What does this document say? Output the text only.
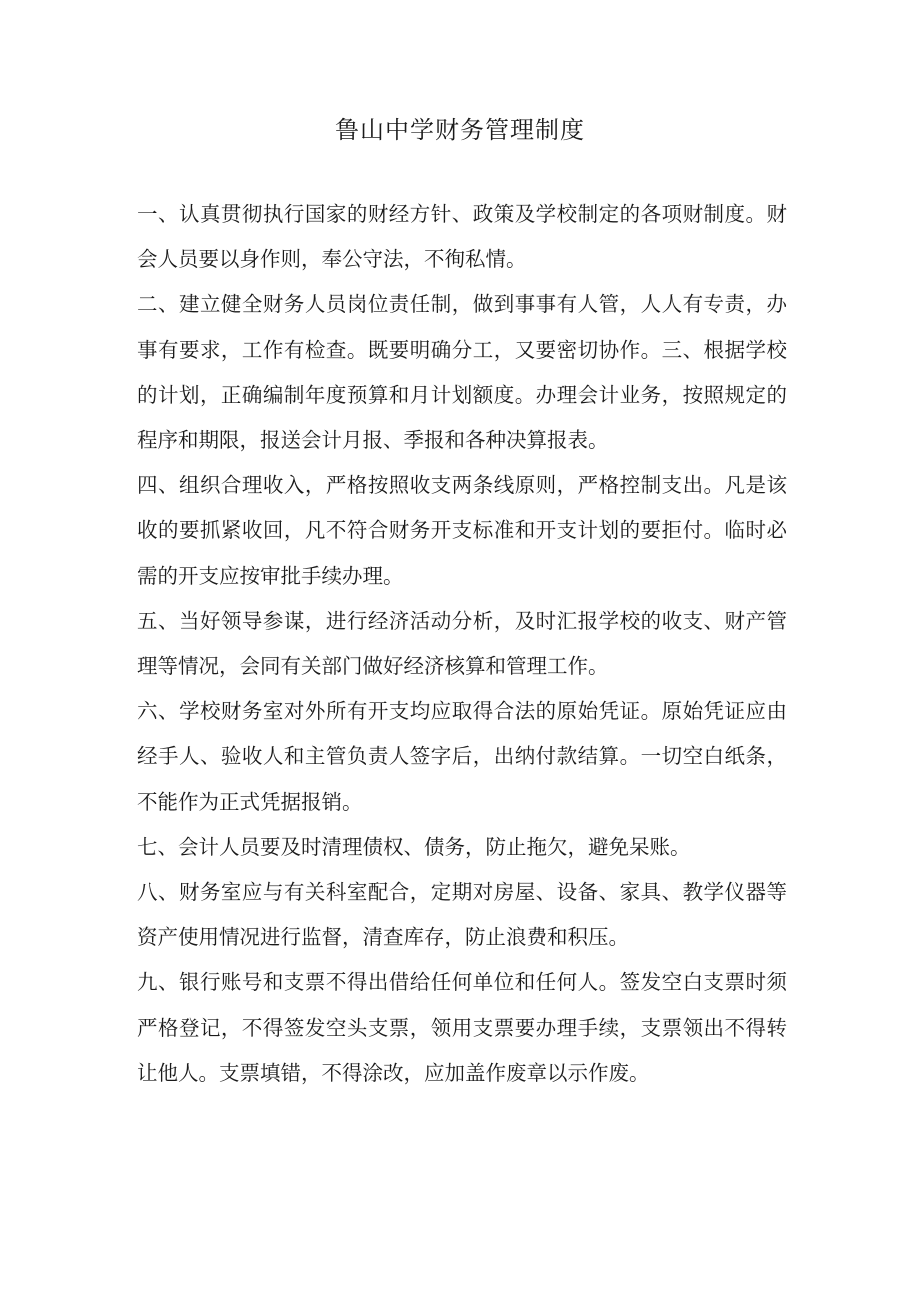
鲁山中学财务管理制度

一、认真贯彻执行国家的财经方针、政策及学校制定的各项财制度。财会人员要以身作则，奉公守法，不徇私情。

二、建立健全财务人员岗位责任制，做到事事有人管，人人有专责，办事有要求，工作有检查。既要明确分工，又要密切协作。三、根据学校的计划，正确编制年度预算和月计划额度。办理会计业务，按照规定的程序和期限，报送会计月报、季报和各种决算报表。

四、组织合理收入，严格按照收支两条线原则，严格控制支出。凡是该收的要抓紧收回，凡不符合财务开支标准和开支计划的要拒付。临时必需的开支应按审批手续办理。

五、当好领导参谋，进行经济活动分析，及时汇报学校的收支、财产管理等情况，会同有关部门做好经济核算和管理工作。

六、学校财务室对外所有开支均应取得合法的原始凭证。原始凭证应由经手人、验收人和主管负责人签字后，出纳付款结算。一切空白纸条，不能作为正式凭据报销。

七、会计人员要及时清理债权、债务，防止拖欠，避免呆账。

八、财务室应与有关科室配合，定期对房屋、设备、家具、教学仪器等资产使用情况进行监督，清查库存，防止浪费和积压。

九、银行账号和支票不得出借给任何单位和任何人。签发空白支票时须严格登记，不得签发空头支票，领用支票要办理手续，支票领出不得转让他人。支票填错，不得涂改，应加盖作废章以示作废。
